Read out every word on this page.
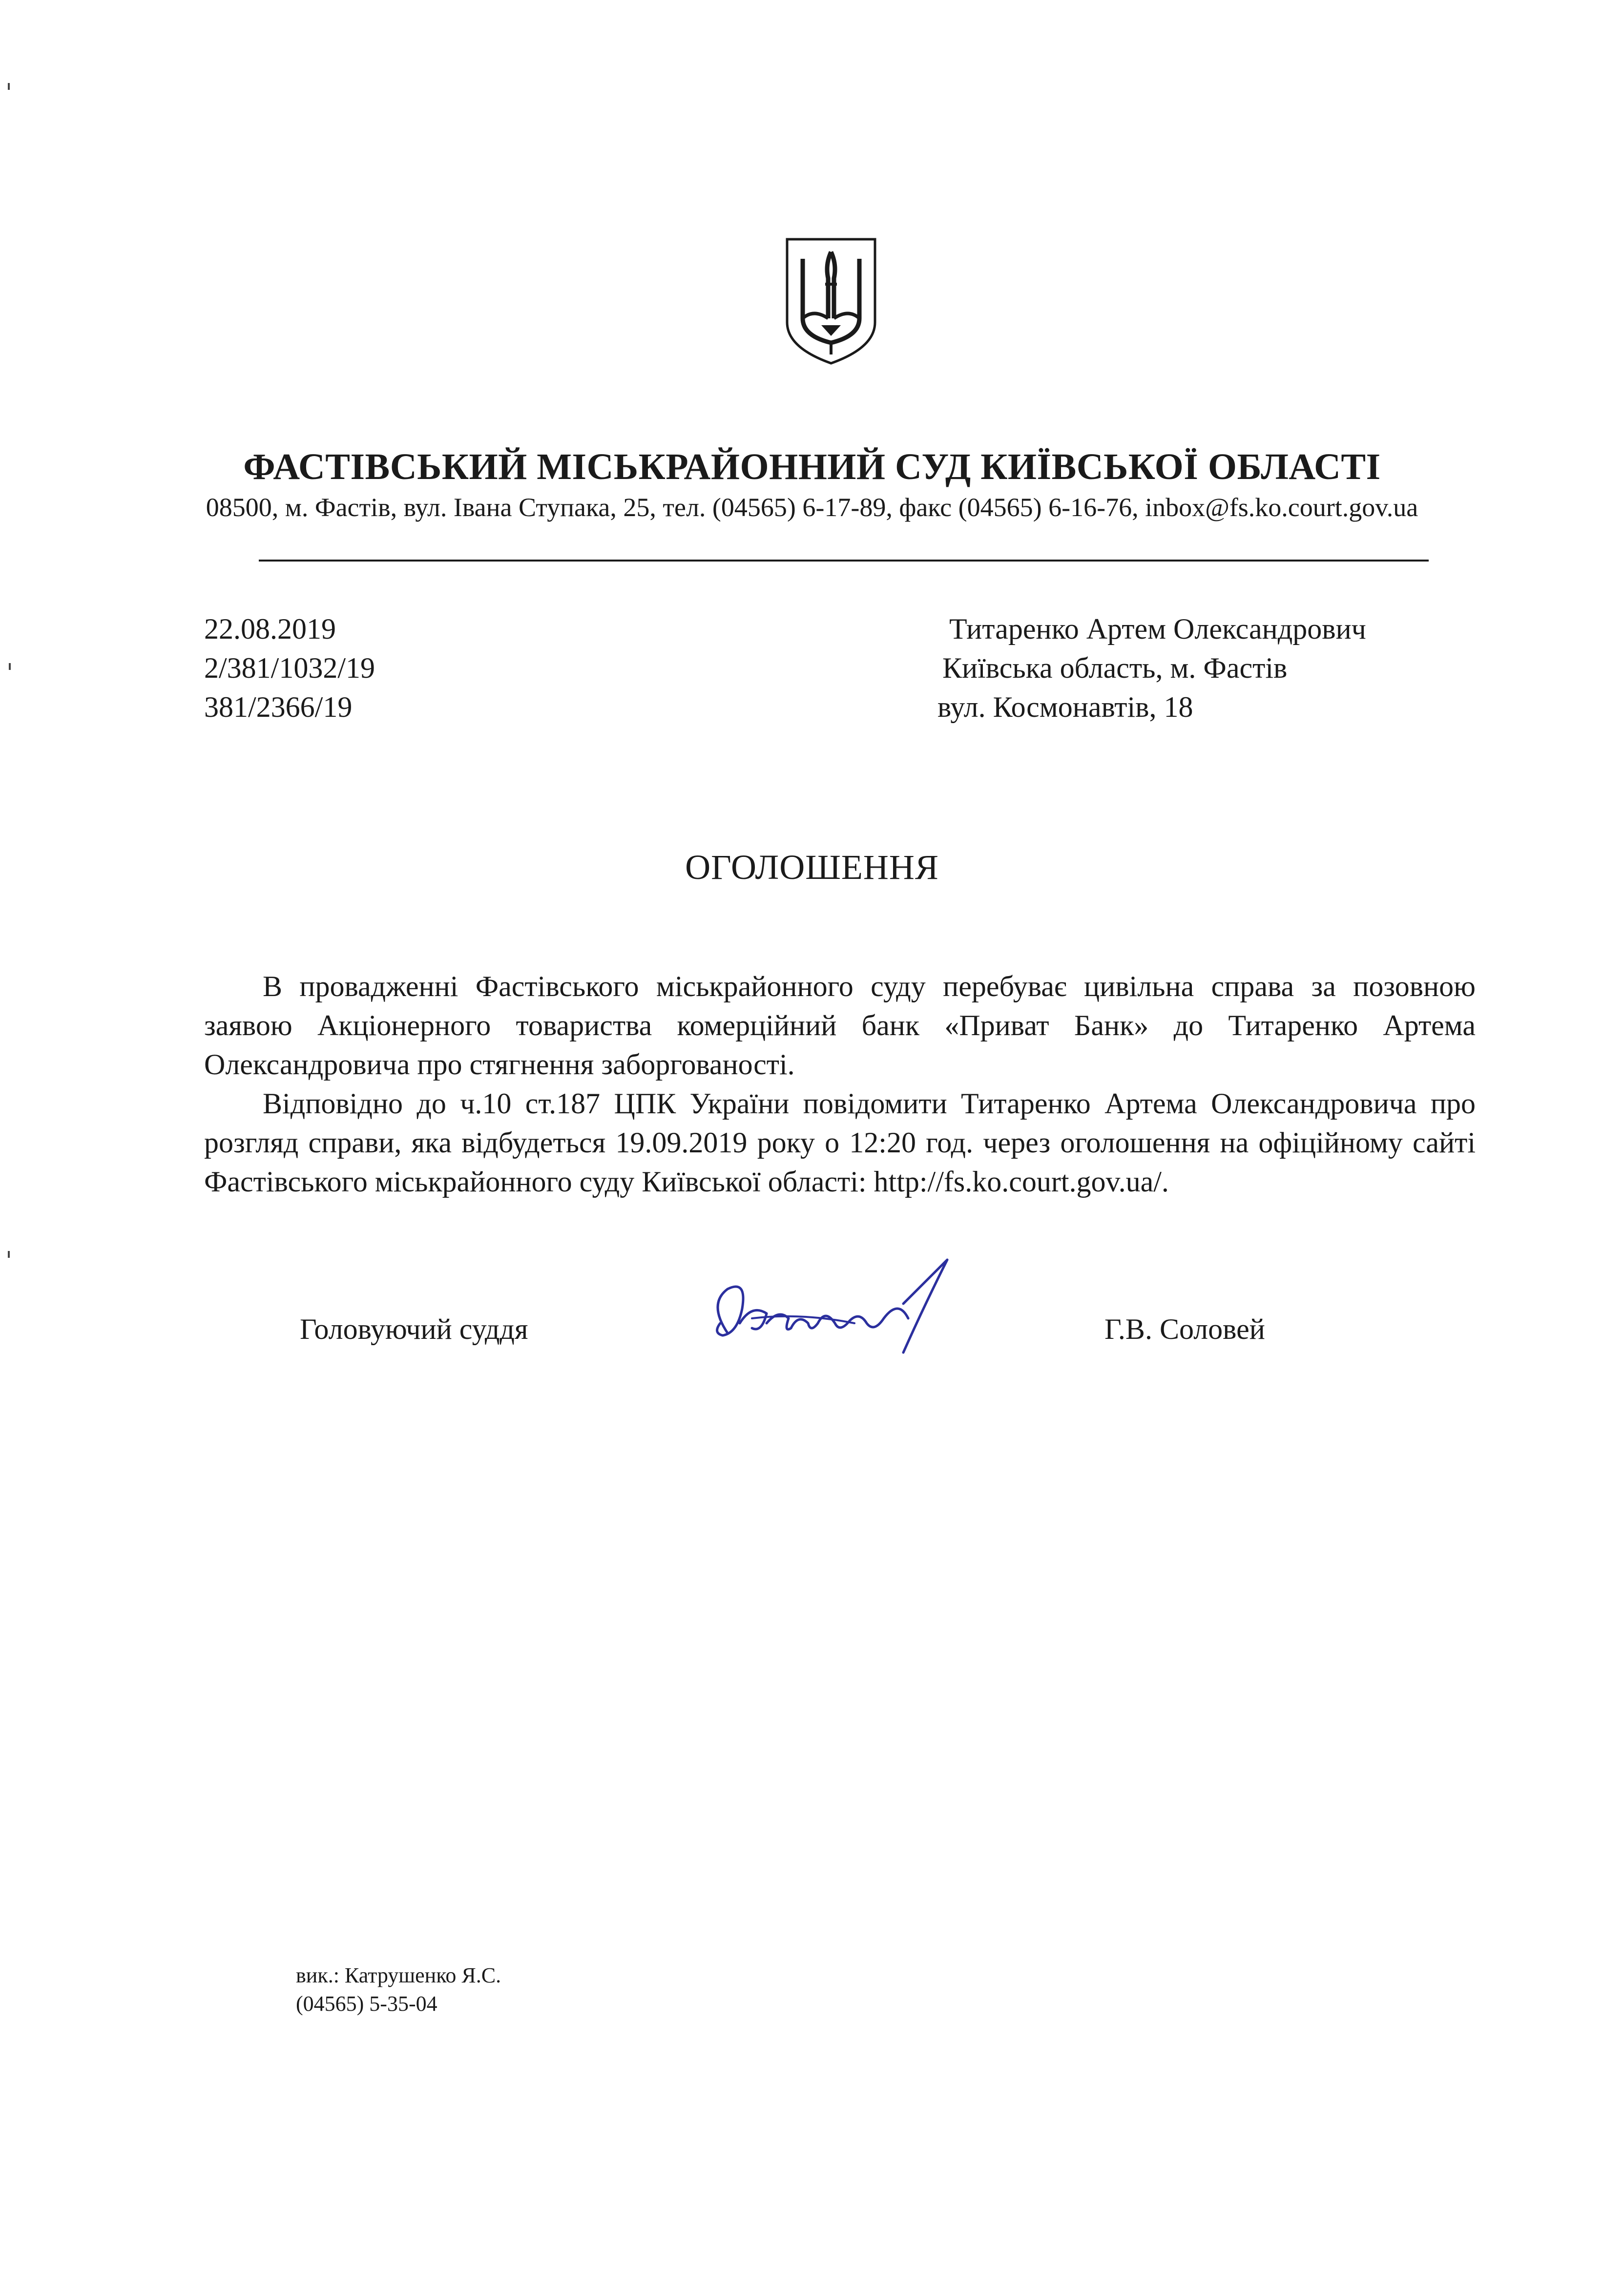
ФАСТІВСЬКИЙ МІСЬКРАЙОННИЙ СУД КИЇВСЬКОЇ ОБЛАСТІ
08500, м. Фастів, вул. Івана Ступака, 25, тел. (04565) 6-17-89, факс (04565) 6-16-76, inbox@fs.ko.court.gov.ua
22.08.2019
2/381/1032/19
381/2366/19
Титаренко Артем Олександрович
Київська область, м. Фастів
вул. Космонавтів, 18
ОГОЛОШЕННЯ
В провадженні Фастівського міськрайонного суду перебуває цивільна справа за позовною заявою Акціонерного товариства комерційний банк «Приват Банк» до Титаренко Артема Олександровича про стягнення заборгованості.
Відповідно до ч.10 ст.187 ЦПК України повідомити Титаренко Артема Олександровича про розгляд справи, яка відбудеться 19.09.2019 року о 12:20 год. через оголошення на офіційному сайті Фастівського міськрайонного суду Київської області: http://fs.ko.court.gov.ua/.
Головуючий суддя	Г.В. Соловей
вик.: Катрушенко Я.С.
(04565) 5-35-04
